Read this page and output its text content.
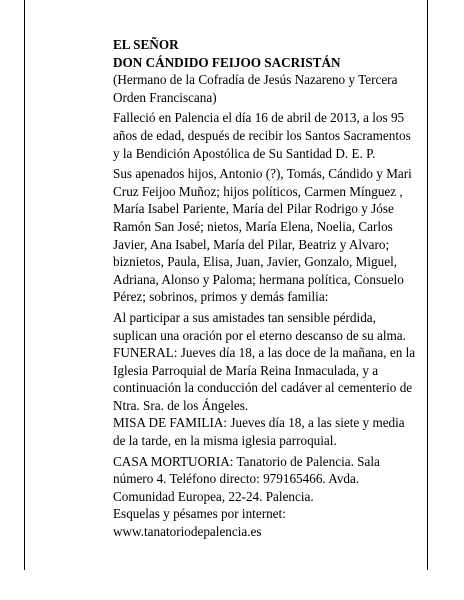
EL SEÑOR

DON CÁNDIDO FEIJOO SACRISTÁN

(Hermano de la Cofradía de Jesús Nazareno y Tercera Orden Franciscana)

Falleció en Palencia el día 16 de abril de 2013, a los 95 años de edad, después de recibir los Santos Sacramentos y la Bendición Apostólica de Su Santidad D. E. P.

Sus apenados hijos, Antonio (?), Tomás, Cándido y Mari Cruz Feijoo Muñoz; hijos políticos, Carmen Mínguez , María Isabel Pariente, María del Pilar Rodrigo y Jóse Ramón San José; nietos, María Elena, Noelia, Carlos Javier, Ana Isabel, María del Pilar, Beatriz y Alvaro; biznietos, Paula, Elisa, Juan, Javier, Gonzalo, Miguel, Adriana, Alonso y Paloma; hermana política, Consuelo Pérez; sobrinos, primos y demás familia:

Al participar a sus amistades tan sensible pérdida, suplican una oración por el eterno descanso de su alma.

FUNERAL: Jueves día 18, a las doce de la mañana, en la Iglesia Parroquial de María Reina Inmaculada, y a continuación la conducción del cadáver al cementerio de Ntra. Sra. de los Ángeles.

MISA DE FAMILIA: Jueves día 18, a las siete y media de la tarde, en la misma iglesia parroquial.

CASA MORTUORIA: Tanatorio de Palencia. Sala número 4. Teléfono directo: 979165466. Avda. Comunidad Europea, 22-24. Palencia.

Esquelas y pésames por internet:

www.tanatoriodepalencia.es
